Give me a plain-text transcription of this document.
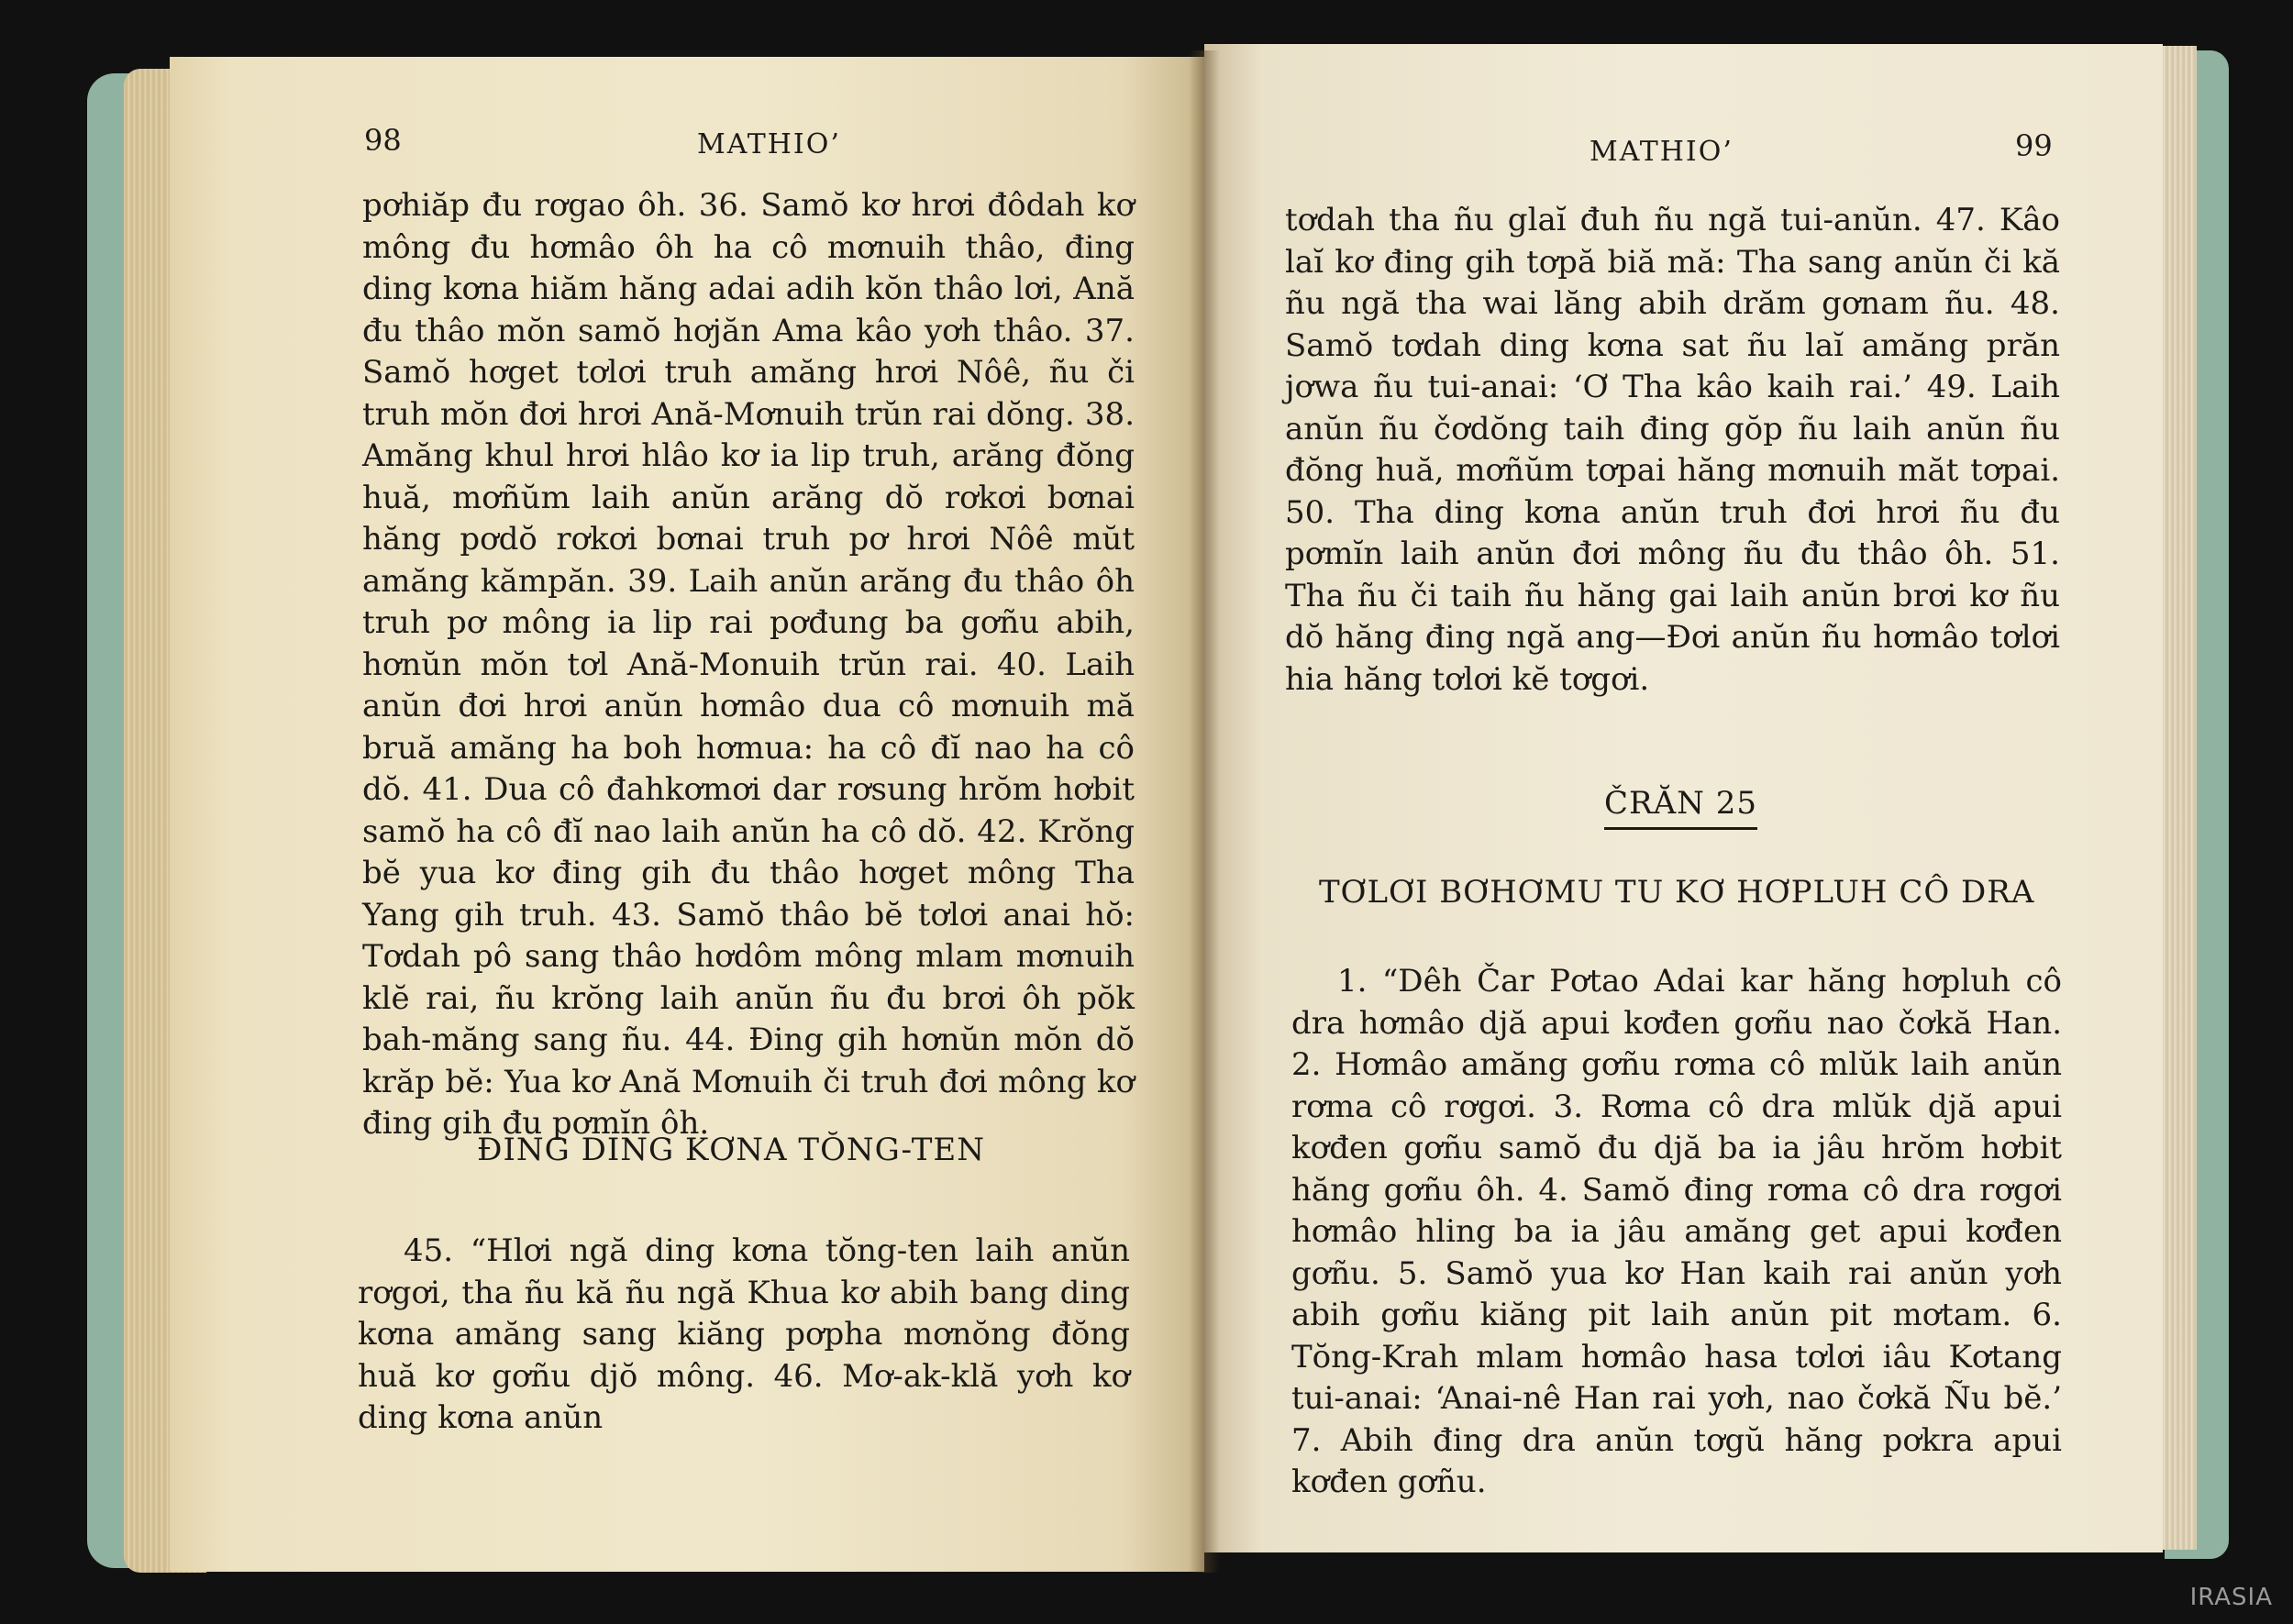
98	MATHIO’

pơhiăp đu rơgao ôh. 36. Samŏ kơ hrơi đôdah kơ mông đu hơmâo ôh ha cô mơnuih thâo, đing ding kơna hiăm hăng adai adih kŏn thâo lơi, Ană đu thâo mŏn samŏ hơjăn Ama kâo yơh thâo. 37. Samŏ hơget tơlơi truh amăng hrơi Nôê, ñu či truh mŏn đơi hrơi Ană-Mơnuih trŭn rai dŏng. 38. Amăng khul hrơi hlâo kơ ia lip truh, arăng đŏng huă, mơñŭm laih anŭn arăng dŏ rơkơi bơnai hăng pơdŏ rơkơi bơnai truh pơ hrơi Nôê mŭt amăng kămpăn. 39. Laih anŭn arăng đu thâo ôh truh pơ mông ia lip rai pơđung ba gơñu abih, hơnŭn mŏn tơl Ană-Monuih trŭn rai. 40. Laih anŭn đơi hrơi anŭn hơmâo dua cô mơnuih mă bruă amăng ha boh hơmua: ha cô đĭ nao ha cô dŏ. 41. Dua cô đahkơmơi dar rơsung hrŏm hơbit samŏ ha cô đĭ nao laih anŭn ha cô dŏ. 42. Krŏng bĕ yua kơ đing gih đu thâo hơget mông Tha Yang gih truh. 43. Samŏ thâo bĕ tơlơi anai hŏ: Tơdah pô sang thâo hơdôm mông mlam mơnuih klĕ rai, ñu krŏng laih anŭn ñu đu brơi ôh pŏk bah-măng sang ñu. 44. Đing gih hơnŭn mŏn dŏ krăp bĕ: Yua kơ Ană Mơnuih či truh đơi mông kơ đing gih đu pơmĭn ôh.

ĐING DING KƠNA TŎNG-TEN

45. “Hlơi ngă ding kơna tŏng-ten laih anŭn rơgơi, tha ñu kă ñu ngă Khua kơ abih bang ding kơna amăng sang kiăng pơpha mơnŏng đŏng huă kơ gơñu djŏ mông. 46. Mơ-ak-klă yơh kơ ding kơna anŭn

MATHIO’	99

tơdah tha ñu glaĭ đuh ñu ngă tui-anŭn. 47. Kâo laĭ kơ đing gih tơpă biă mă: Tha sang anŭn či kă ñu ngă tha wai lăng abih drăm gơnam ñu. 48. Samŏ tơdah ding kơna sat ñu laĭ amăng prăn jơwa ñu tui-anai: ‘Ơ Tha kâo kaih rai.’ 49. Laih anŭn ñu čơdŏng taih đing gŏp ñu laih anŭn ñu đŏng huă, mơñŭm tơpai hăng mơnuih măt tơpai. 50. Tha ding kơna anŭn truh đơi hrơi ñu đu pơmĭn laih anŭn đơi mông ñu đu thâo ôh. 51. Tha ñu či taih ñu hăng gai laih anŭn brơi kơ ñu dŏ hăng đing ngă ang—Đơi anŭn ñu hơmâo tơlơi hia hăng tơlơi kĕ tơgơi.

ČRĂN 25
TƠLƠI BƠHƠMU TU KƠ HƠPLUH CÔ DRA

1. “Dêh Čar Pơtao Adai kar hăng hơpluh cô dra hơmâo djă apui kơđen gơñu nao čơkă Han. 2. Hơmâo amăng gơñu rơma cô mlŭk laih anŭn rơma cô rơgơi. 3. Rơma cô dra mlŭk djă apui kơđen gơñu samŏ đu djă ba ia jâu hrŏm hơbit hăng gơñu ôh. 4. Samŏ đing rơma cô dra rơgơi hơmâo hling ba ia jâu amăng get apui kơđen gơñu. 5. Samŏ yua kơ Han kaih rai anŭn yơh abih gơñu kiăng pit laih anŭn pit mơtam. 6. Tŏng-Krah mlam hơmâo hasa tơlơi iâu Kơtang tui-anai: ‘Anai-nê Han rai yơh, nao čơkă Ñu bĕ.’ 7. Abih đing dra anŭn tơgŭ hăng pơkra apui kơđen gơñu.

IRASIA
